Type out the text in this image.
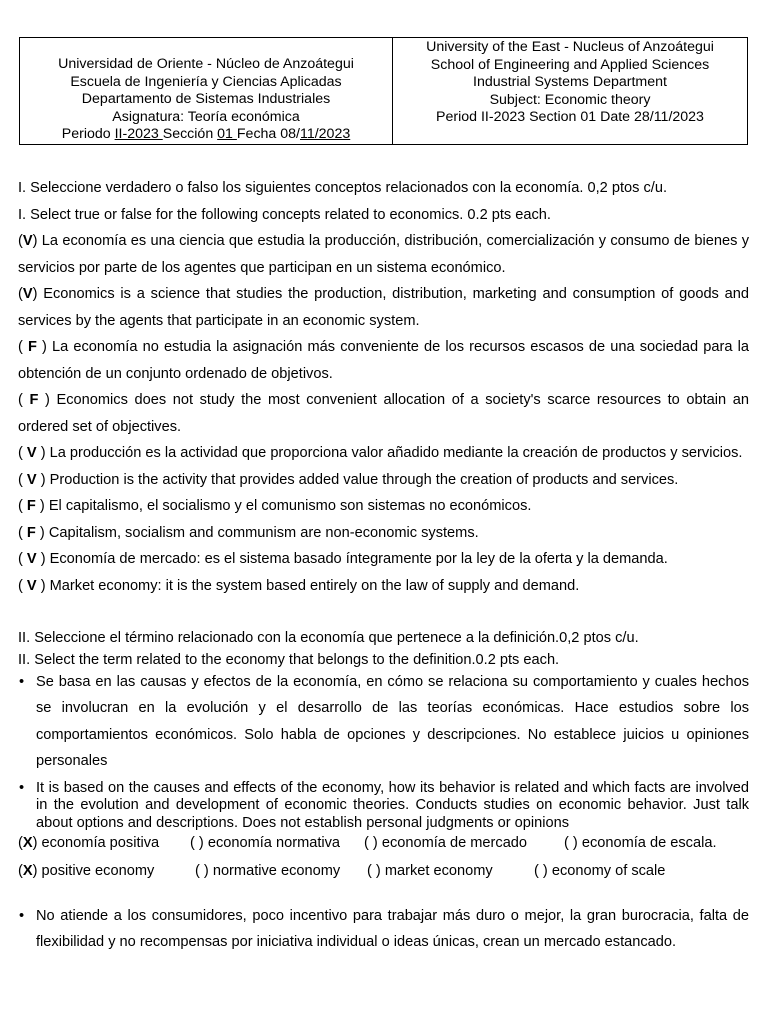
Universidad de Oriente - Núcleo de Anzoátegui
Escuela de Ingeniería y Ciencias Aplicadas
Departamento de Sistemas Industriales
Asignatura: Teoría económica
Periodo II-2023 Sección 01 Fecha 08/11/2023

University of the East - Nucleus of Anzoátegui
School of Engineering and Applied Sciences
Industrial Systems Department
Subject: Economic theory
Period II-2023 Section 01 Date 28/11/2023

I. Seleccione verdadero o falso los siguientes conceptos relacionados con la economía. 0,2 ptos c/u.

I. Select true or false for the following concepts related to economics. 0.2 pts each.

(V) La economía es una ciencia que estudia la producción, distribución, comercialización y consumo de bienes y servicios por parte de los agentes que participan en un sistema económico.

(V) Economics is a science that studies the production, distribution, marketing and consumption of goods and services by the agents that participate in an economic system.

( F ) La economía no estudia la asignación más conveniente de los recursos escasos de una sociedad para la obtención de un conjunto ordenado de objetivos.

( F ) Economics does not study the most convenient allocation of a society's scarce resources to obtain an ordered set of objectives.

( V ) La producción es la actividad que proporciona valor añadido mediante la creación de productos y servicios.

( V ) Production is the activity that provides added value through the creation of products and services.

( F ) El capitalismo, el socialismo y el comunismo son sistemas no económicos.

( F ) Capitalism, socialism and communism are non-economic systems.

( V ) Economía de mercado: es el sistema basado íntegramente por la ley de la oferta y la demanda.

( V ) Market economy: it is the system based entirely on the law of supply and demand.

II. Seleccione el término relacionado con la economía que pertenece a la definición.0,2 ptos c/u.

II. Select the term related to the economy that belongs to the definition.0.2 pts each.

• Se basa en las causas y efectos de la economía, en cómo se relaciona su comportamiento y cuales hechos se involucran en la evolución y el desarrollo de las teorías económicas. Hace estudios sobre los comportamientos económicos. Solo habla de opciones y descripciones. No establece juicios u opiniones personales

• It is based on the causes and effects of the economy, how its behavior is related and which facts are involved in the evolution and development of economic theories. Conducts studies on economic behavior. Just talk about options and descriptions. Does not establish personal judgments or opinions

(X) economía positiva ( ) economía normativa ( ) economía de mercado	( ) economía de escala.

(X) positive economy	( ) normative economy ( ) market economy	( ) economy of scale

• No atiende a los consumidores, poco incentivo para trabajar más duro o mejor, la gran burocracia, falta de flexibilidad y no recompensas por iniciativa individual o ideas únicas, crean un mercado estancado.
